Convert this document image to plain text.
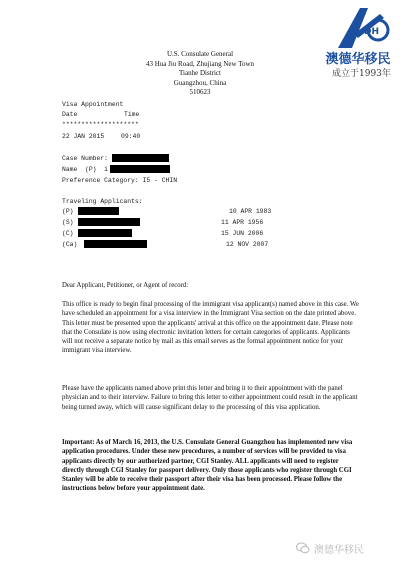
DH
澳德华移民
成立于1993年
U.S. Consulate General
43 Hua Jiu Road, Zhujiang New Town
Tianhe District
Guangzhou, China
510623
Visa Appointment
Date	Time
********************
22 JAN 2015	09:40
Case Number:
Name  (P)  i
Preference Category: I5 - CHIN
Traveling Applicants:
(P)	10 APR 1983
(S)	11 APR 1956
(C)	15 JUN 2006
(Ca)	12 NOV 2007
Dear Applicant, Petitioner, or Agent of record:
This office is ready to begin final processing of the immigrant visa applicant(s) named above in this case. We have scheduled an appointment for a visa interview in the Immigrant Visa section on the date printed above. This letter must be presented upon the applicants' arrival at this office on the appointment date. Please note that the Consulate is now using electronic invitation letters for certain categories of applicants. Applicants will not receive a separate notice by mail as this email serves as the formal appointment notice for your immigrant visa interview.
Please have the applicants named above print this letter and bring it to their appointment with the panel physician and to their interview. Failure to bring this letter to either appointment could result in the applicant being turned away, which will cause significant delay to the processing of this visa application.
Important: As of March 16, 2013, the U.S. Consulate General Guangzhou has implemented new visa application procedures. Under these new procedures, a number of services will be provided to visa applicants directly by our authorized partner, CGI Stanley. ALL applicants will need to register directly through CGI Stanley for passport delivery. Only those applicants who register through CGI Stanley will be able to receive their passport after their visa has been processed. Please follow the instructions below before your appointment date.
澳德华移民
